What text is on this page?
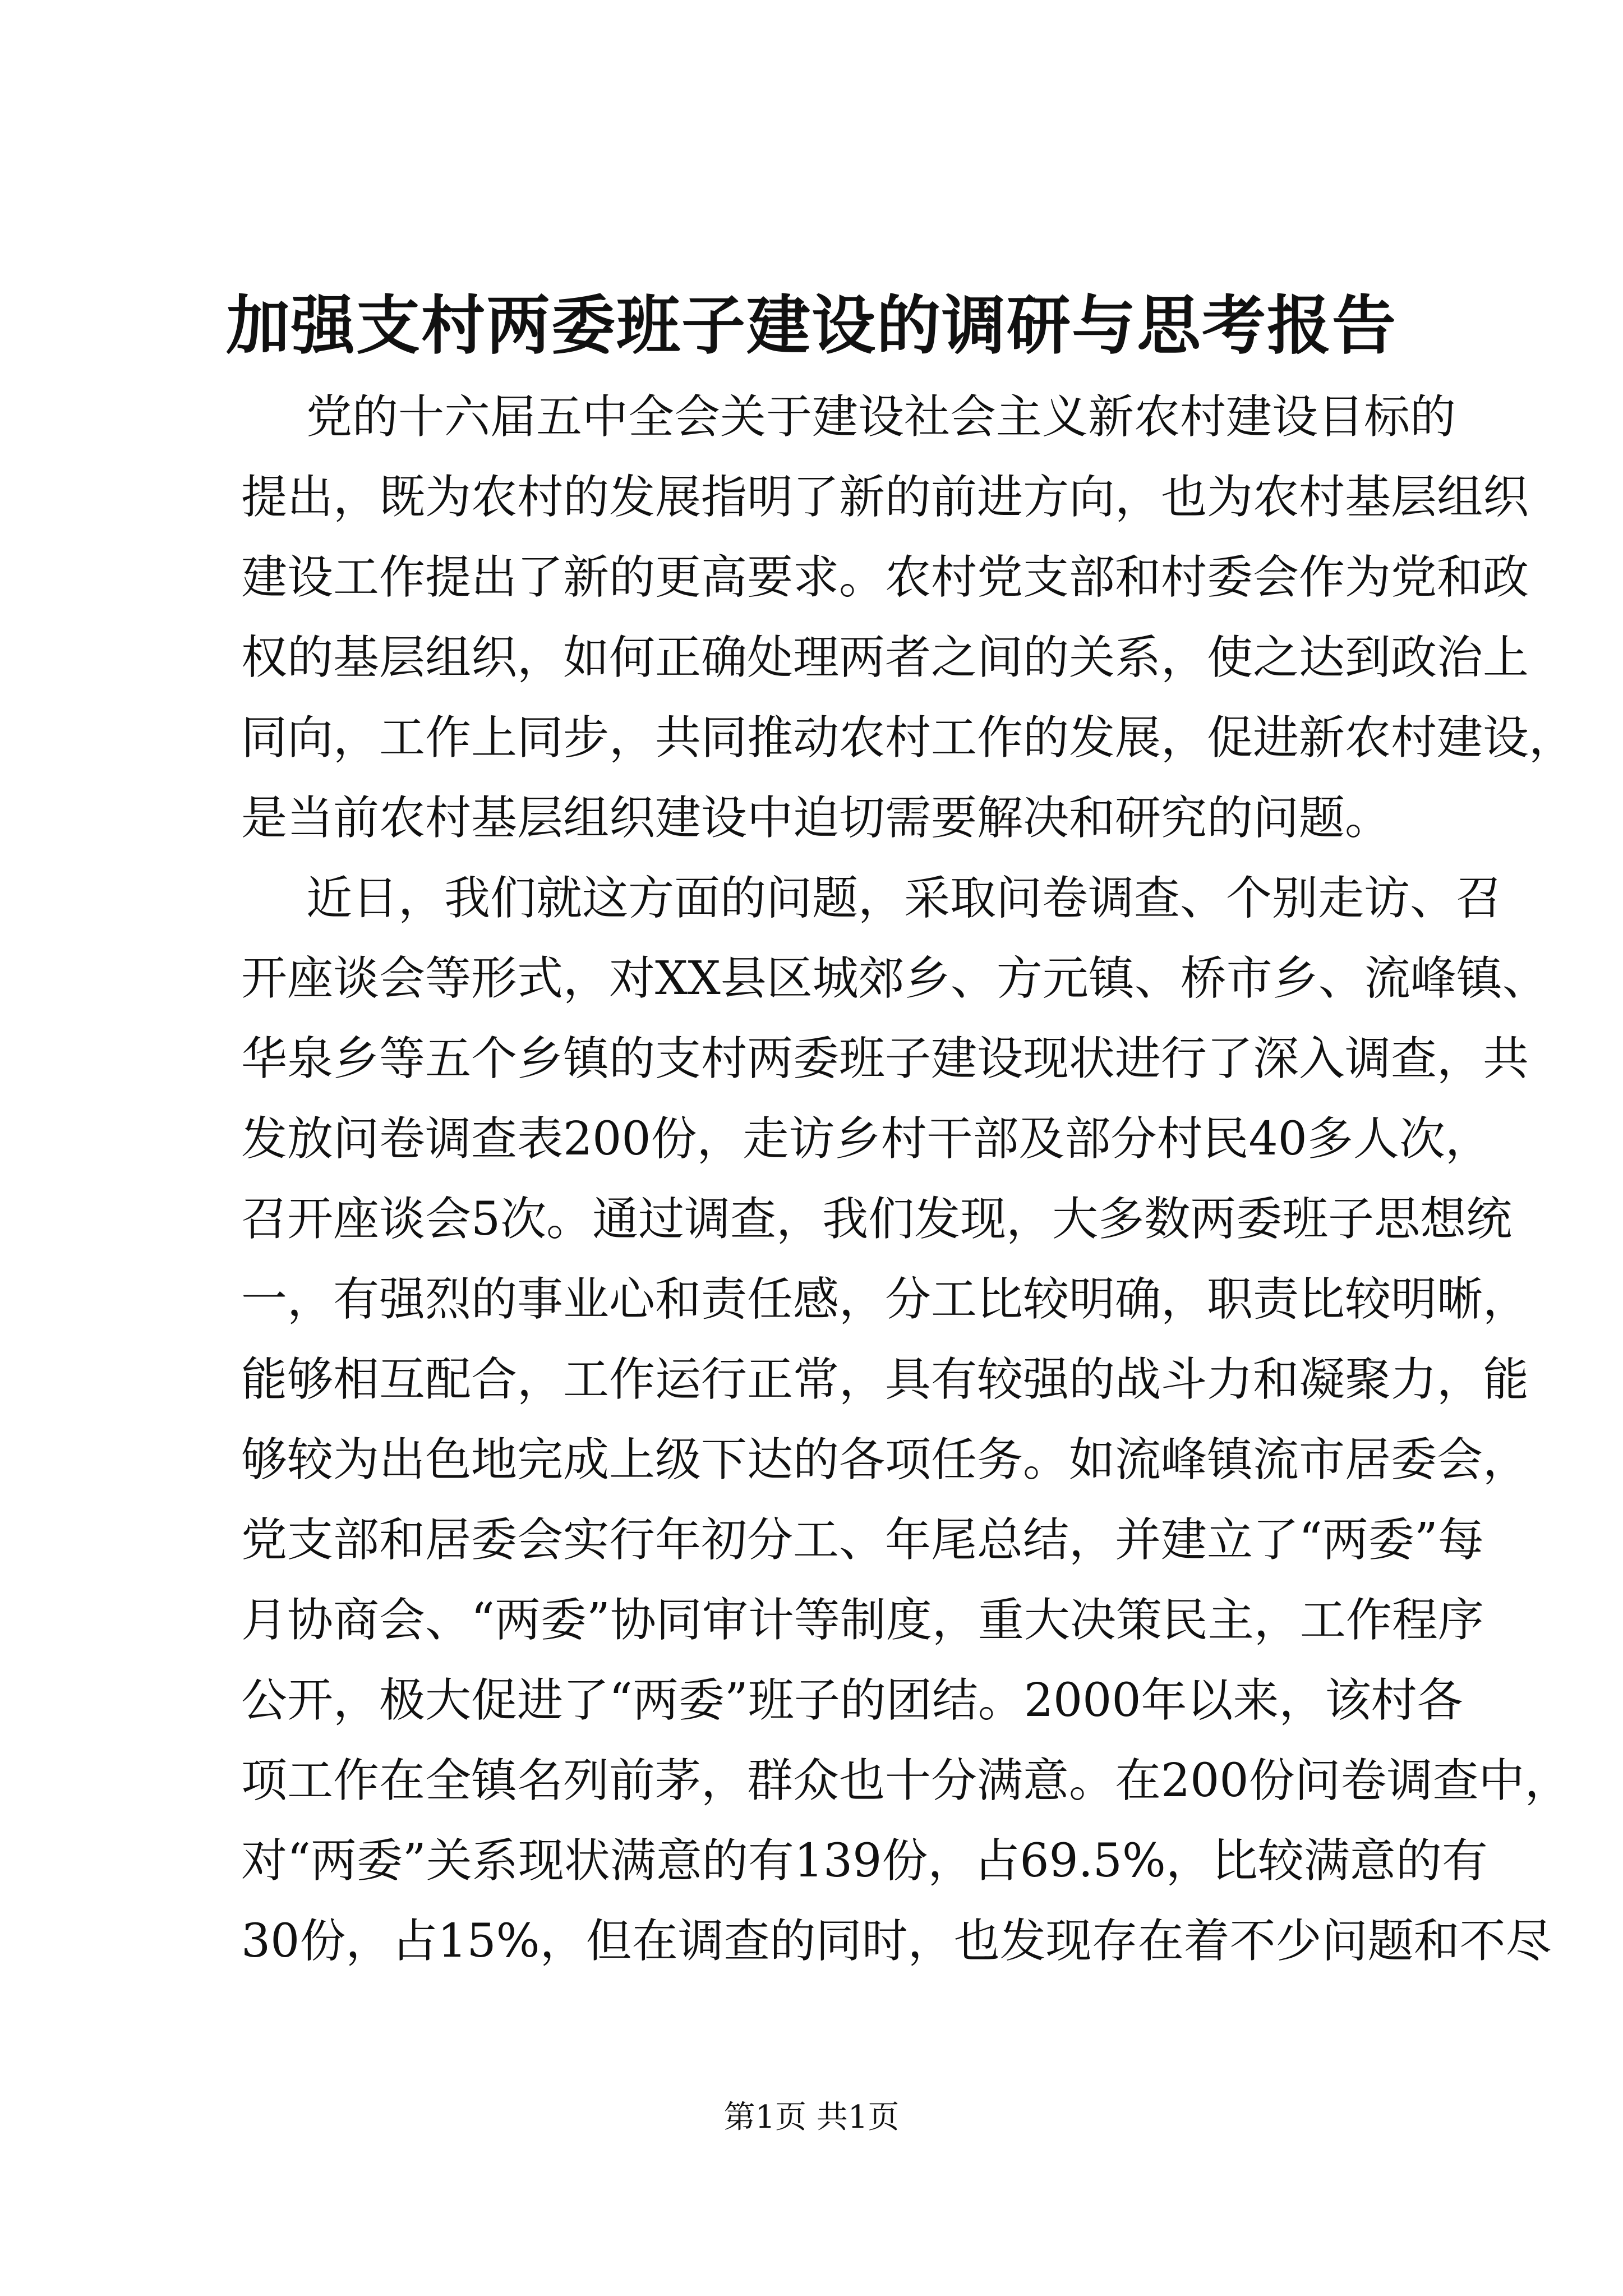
加强支村两委班子建设的调研与思考报告
党的十六届五中全会关于建设社会主义新农村建设目标的
提出，既为农村的发展指明了新的前进方向，也为农村基层组织
建设工作提出了新的更高要求。农村党支部和村委会作为党和政
权的基层组织，如何正确处理两者之间的关系，使之达到政治上
同向，工作上同步，共同推动农村工作的发展，促进新农村建设，
是当前农村基层组织建设中迫切需要解决和研究的问题。
近日，我们就这方面的问题，采取问卷调查、个别走访、召
开座谈会等形式，对XX县区城郊乡、方元镇、桥市乡、流峰镇、
华泉乡等五个乡镇的支村两委班子建设现状进行了深入调查，共
发放问卷调查表200份，走访乡村干部及部分村民40多人次，
召开座谈会5次。通过调查，我们发现，大多数两委班子思想统
一，有强烈的事业心和责任感，分工比较明确，职责比较明晰，
能够相互配合，工作运行正常，具有较强的战斗力和凝聚力，能
够较为出色地完成上级下达的各项任务。如流峰镇流市居委会，
党支部和居委会实行年初分工、年尾总结，并建立了“两委”每
月协商会、“两委”协同审计等制度，重大决策民主，工作程序
公开，极大促进了“两委”班子的团结。2000年以来，该村各
项工作在全镇名列前茅，群众也十分满意。在200份问卷调查中，
对“两委”关系现状满意的有139份，占69.5%，比较满意的有
30份，占15%，但在调查的同时，也发现存在着不少问题和不尽
第1页 共1页
